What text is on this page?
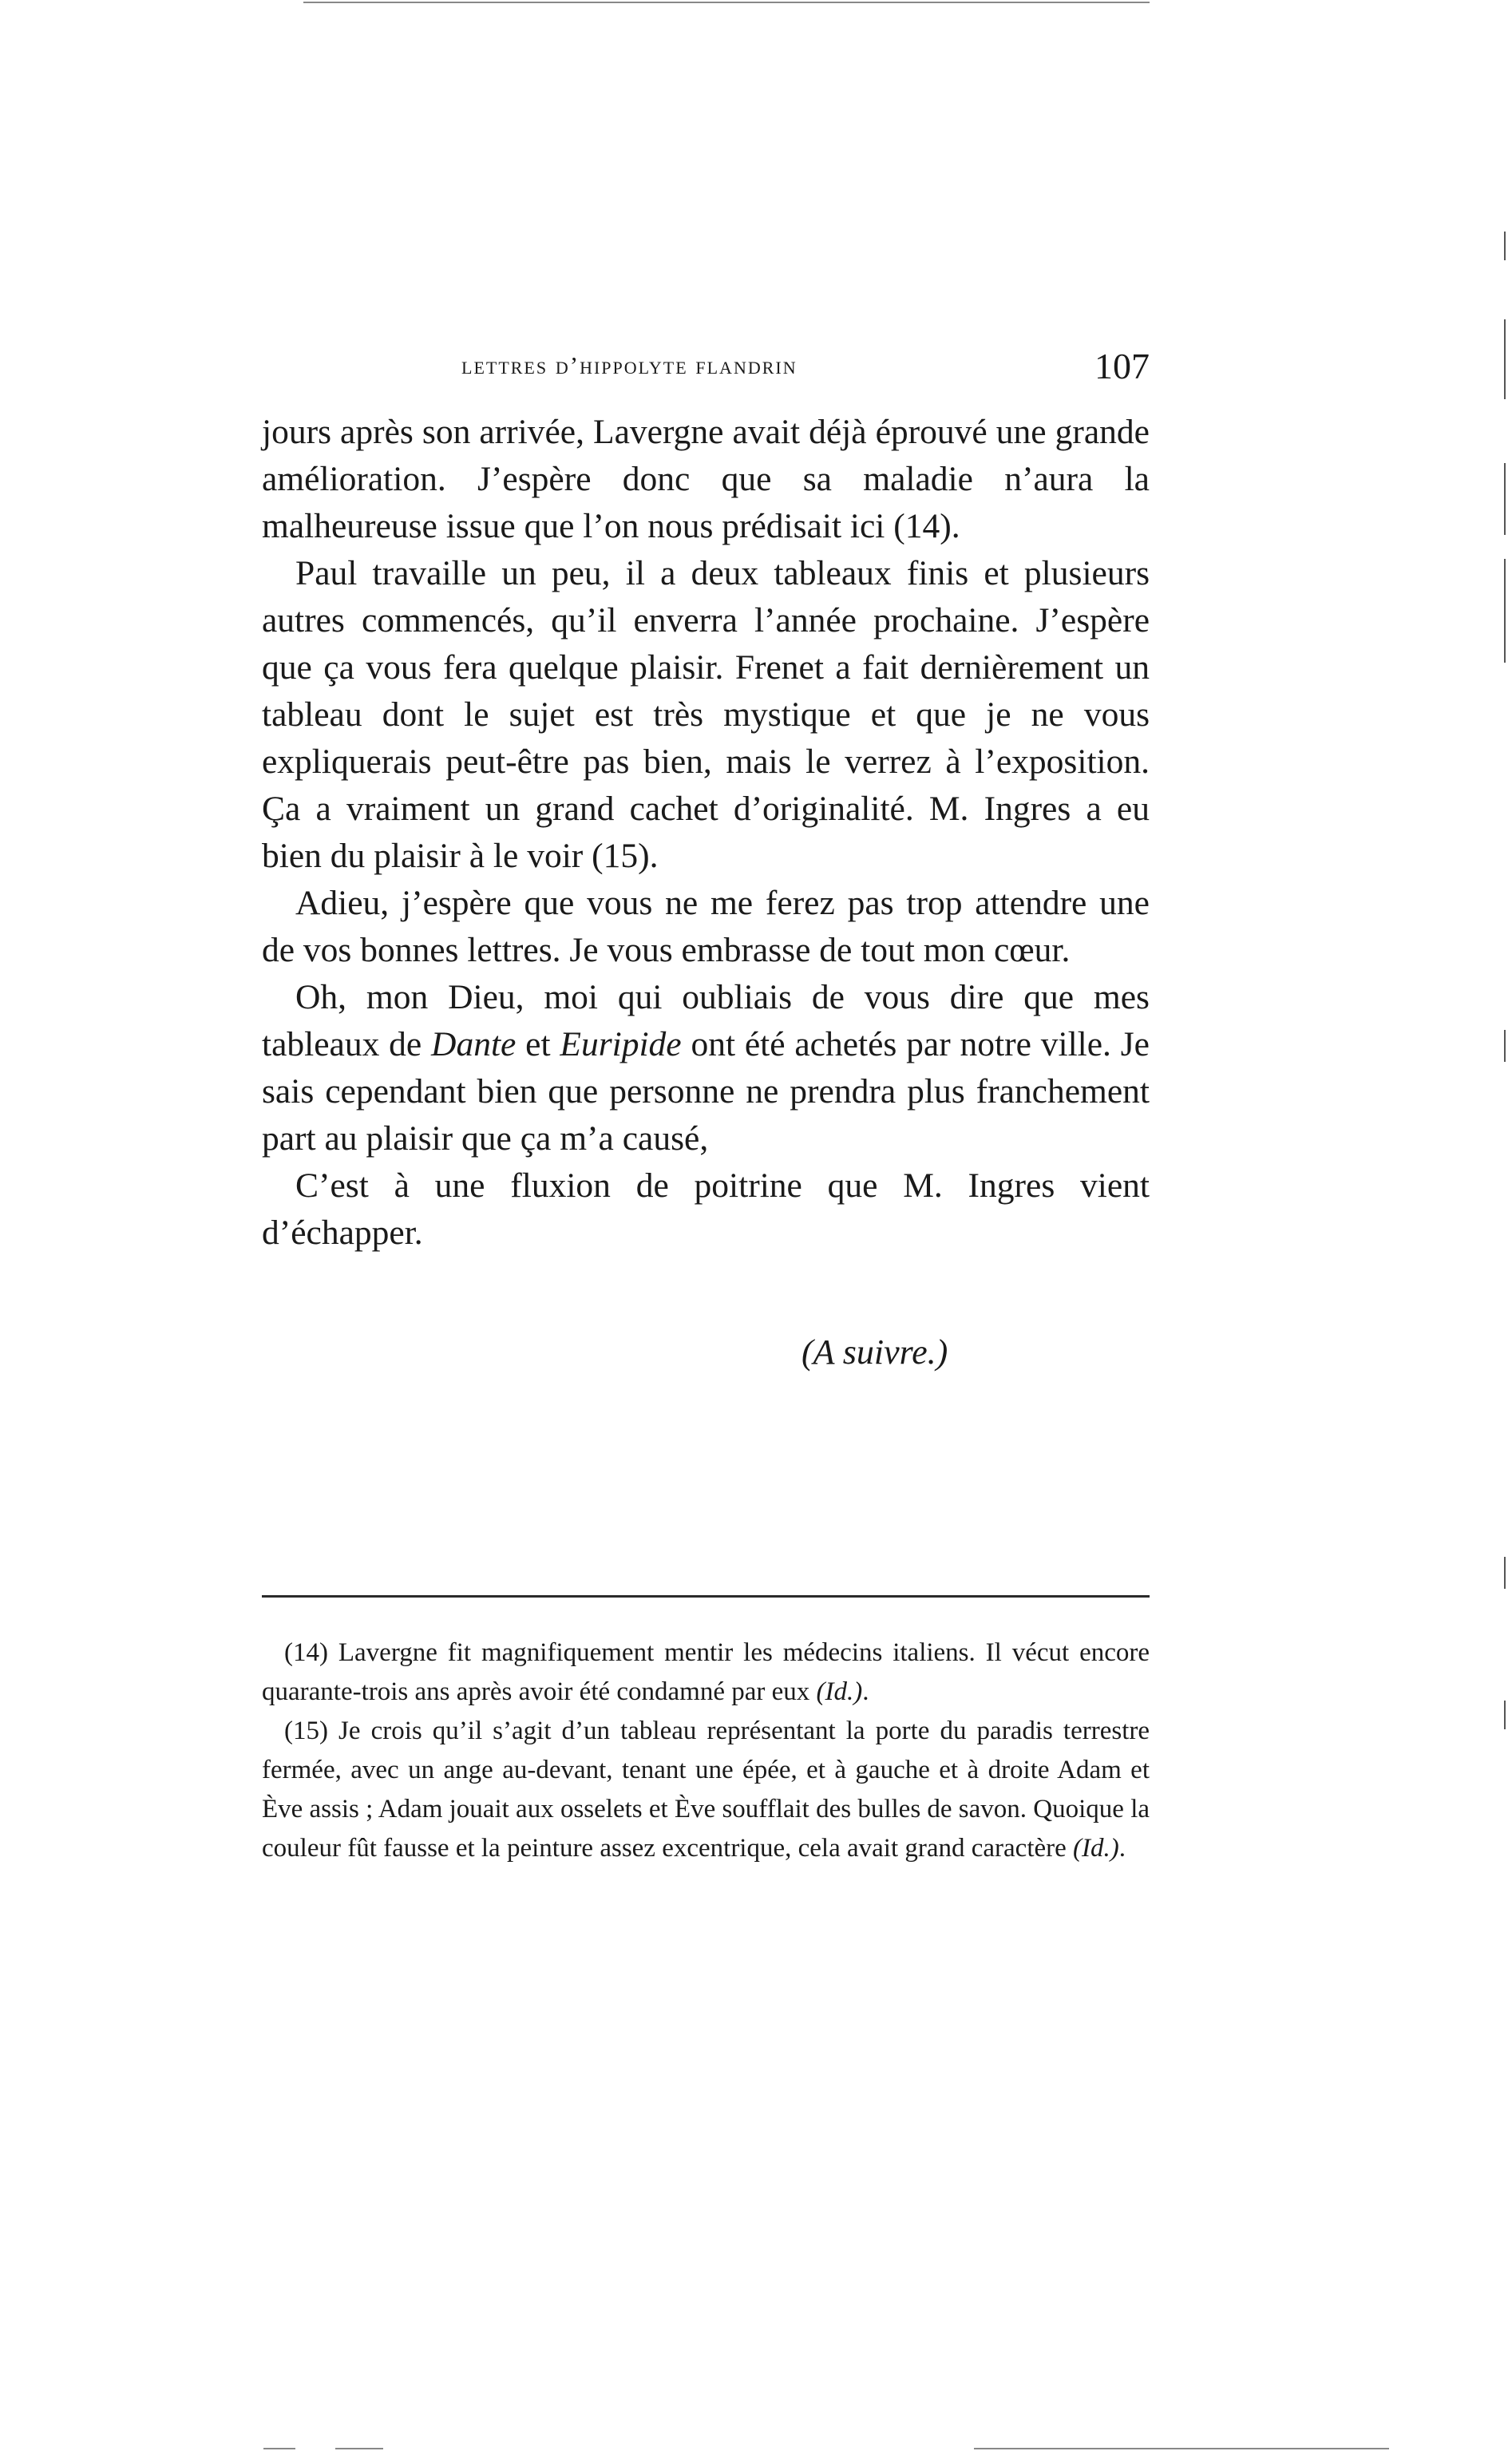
lettres d’hippolyte flandrin	107

jours après son arrivée, Lavergne avait déjà éprouvé une grande amélioration. J’espère donc que sa maladie n’aura la malheureuse issue que l’on nous prédisait ici (14).

Paul travaille un peu, il a deux tableaux finis et plusieurs autres commencés, qu’il enverra l’année prochaine. J’espère que ça vous fera quelque plaisir. Frenet a fait dernièrement un tableau dont le sujet est très mystique et que je ne vous expliquerais peut-être pas bien, mais le verrez à l’exposition. Ça a vraiment un grand cachet d’originalité. M. Ingres a eu bien du plaisir à le voir (15).

Adieu, j’espère que vous ne me ferez pas trop attendre une de vos bonnes lettres. Je vous embrasse de tout mon cœur.

Oh, mon Dieu, moi qui oubliais de vous dire que mes tableaux de Dante et Euripide ont été achetés par notre ville. Je sais cependant bien que personne ne prendra plus franchement part au plaisir que ça m’a causé,

C’est à une fluxion de poitrine que M. Ingres vient d’échapper.

(A suivre.)

(14) Lavergne fit magnifiquement mentir les médecins italiens. Il vécut encore quarante-trois ans après avoir été condamné par eux (Id.).

(15) Je crois qu’il s’agit d’un tableau représentant la porte du paradis terrestre fermée, avec un ange au-devant, tenant une épée, et à gauche et à droite Adam et Ève assis ; Adam jouait aux osselets et Ève soufflait des bulles de savon. Quoique la couleur fût fausse et la peinture assez excentrique, cela avait grand caractère (Id.).
